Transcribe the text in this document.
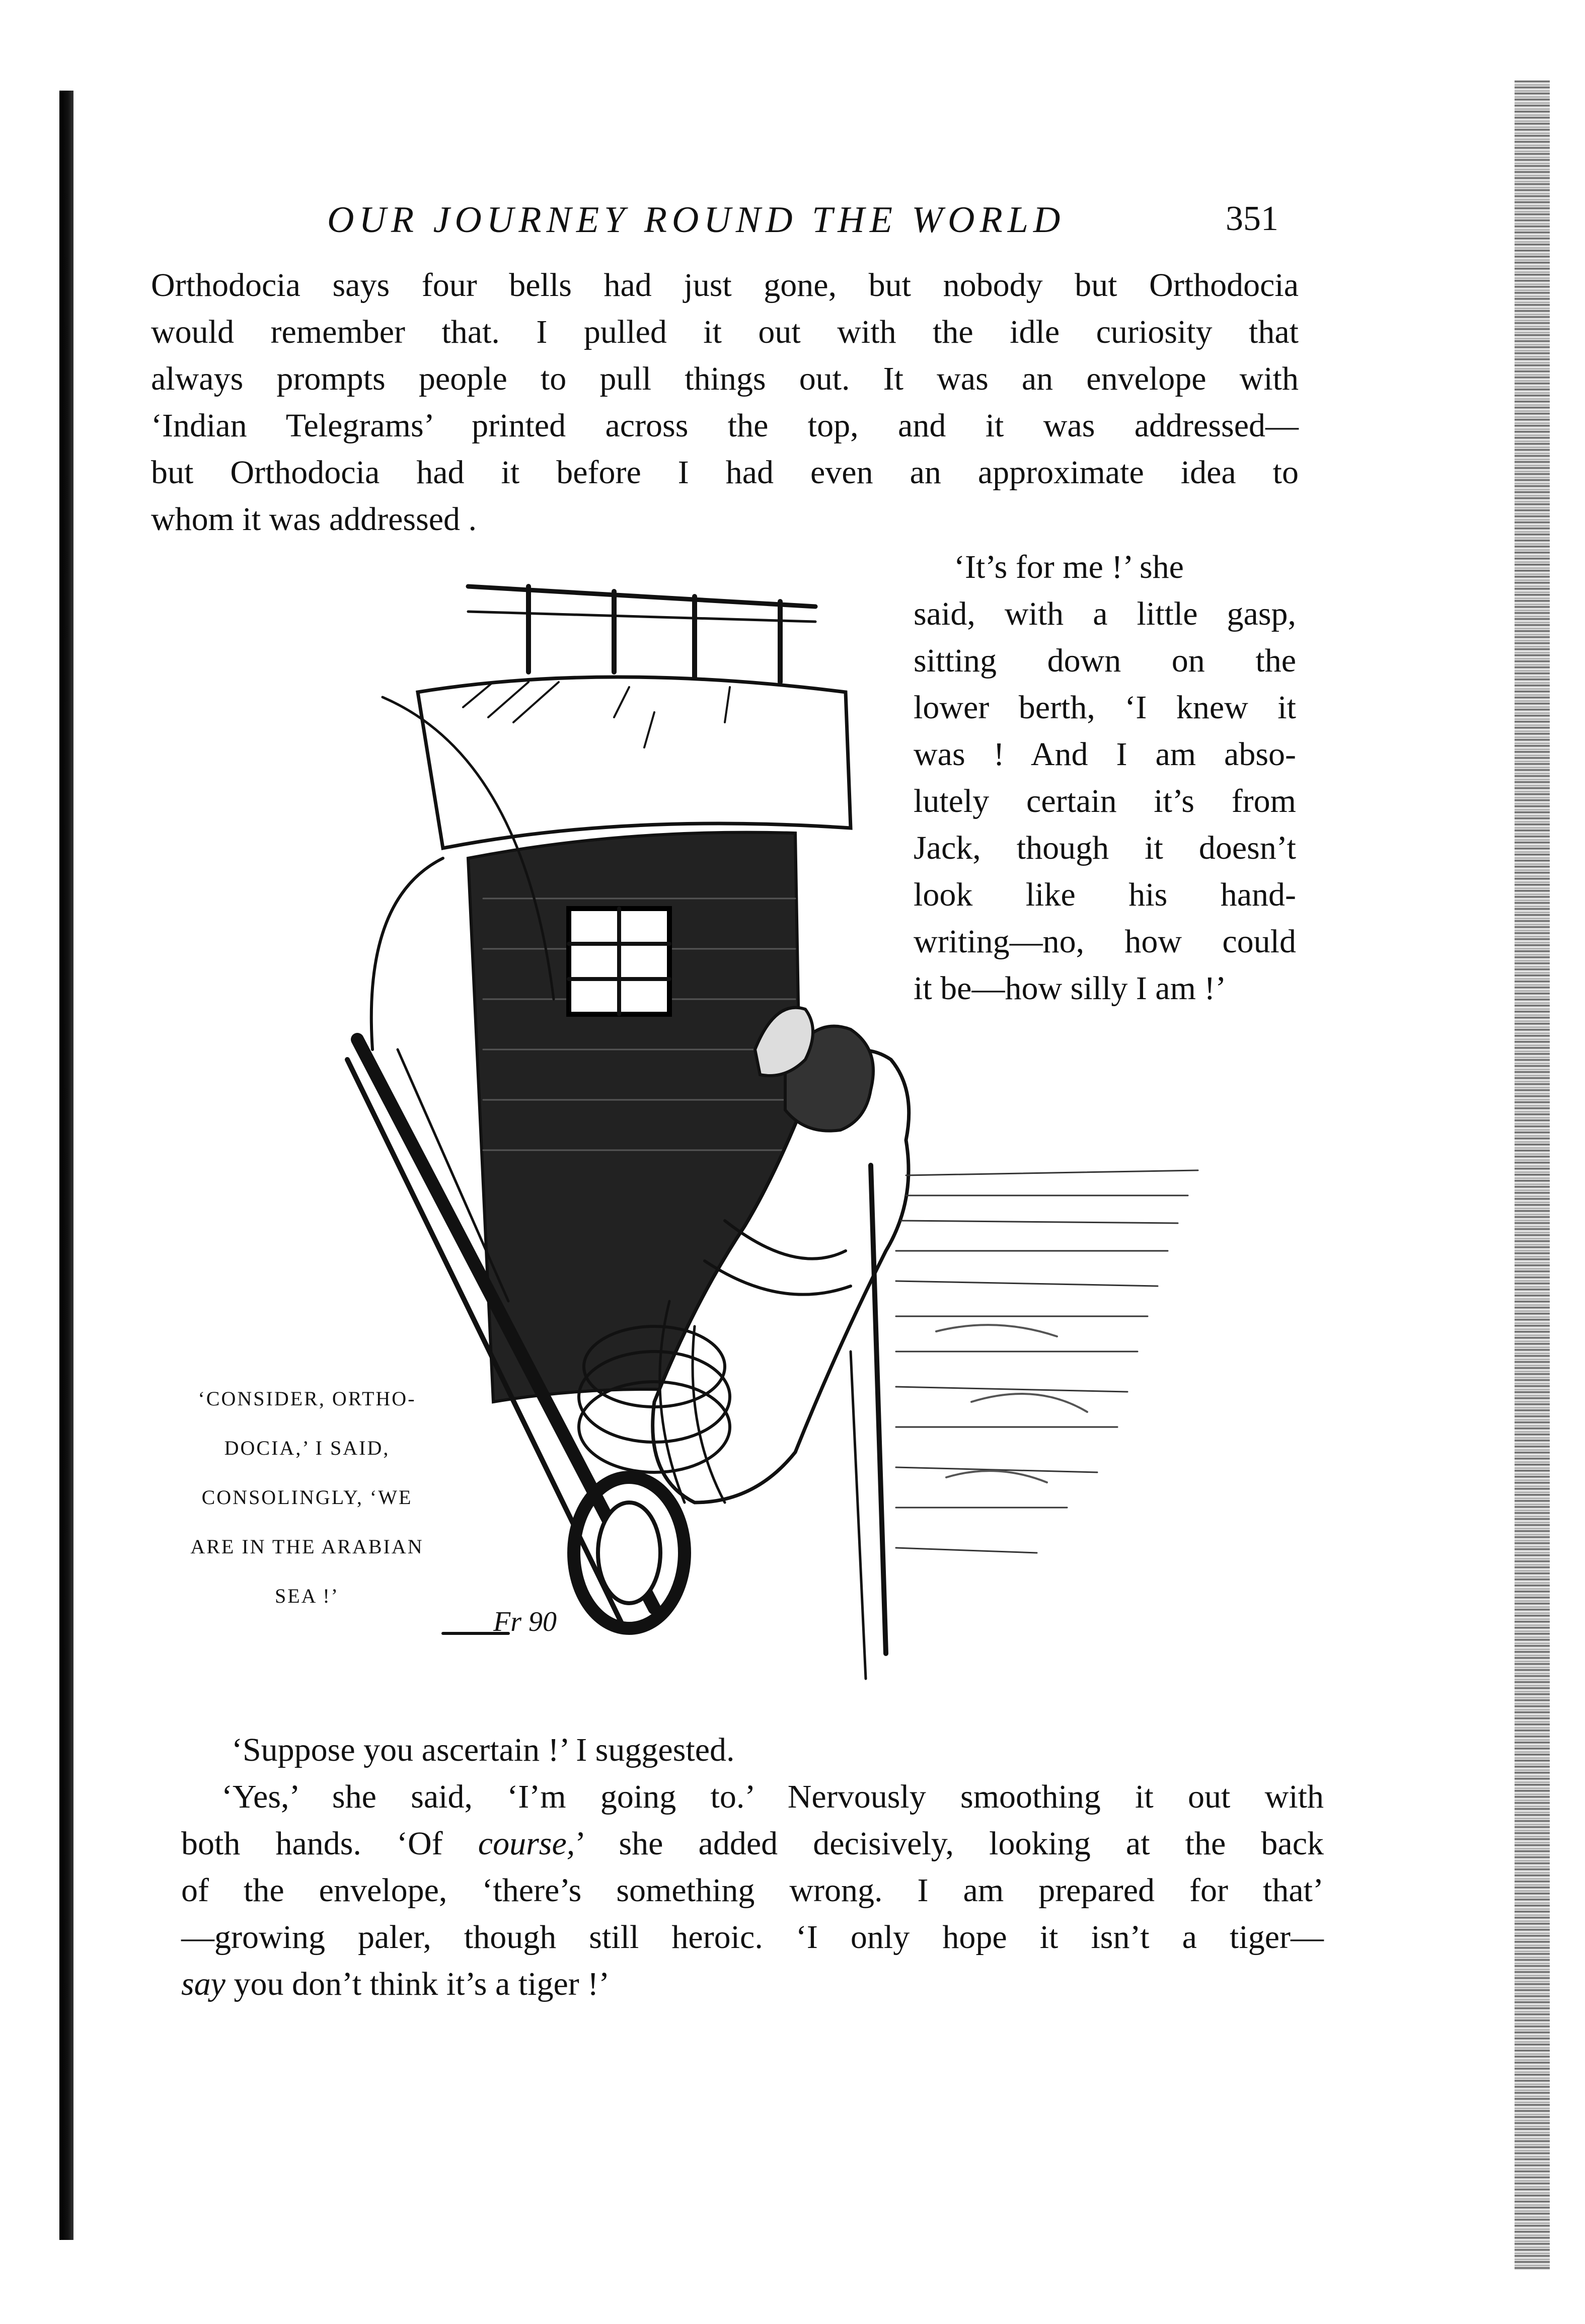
OUR JOURNEY ROUND THE WORLD	351
Orthodocia says four bells had just gone, but nobody but Orthodocia
would remember that. I pulled it out with the idle curiosity that
always prompts people to pull things out. It was an envelope with
‘Indian Telegrams’ printed across the top, and it was addressed—
but Orthodocia had it before I had even an approximate idea to
whom it was addressed .
‘It’s for me !’ she
said, with a little gasp,
sitting down on the
lower berth, ‘I knew it
was ! And I am abso-
lutely certain it’s from
Jack, though it doesn’t
look like his hand-
writing—no, how could
it be—how silly I am !’
Fr 90
‘CONSIDER, ORTHO-
DOCIA,’ I SAID,
CONSOLINGLY, ‘WE
ARE IN THE ARABIAN
SEA !’
‘Suppose you ascertain !’ I suggested.
‘Yes,’ she said, ‘I’m going to.’ Nervously smoothing it out with
both hands. ‘Of course,’ she added decisively, looking at the back
of the envelope, ‘there’s something wrong. I am prepared for that’
—growing paler, though still heroic. ‘I only hope it isn’t a tiger—
say you don’t think it’s a tiger !’
